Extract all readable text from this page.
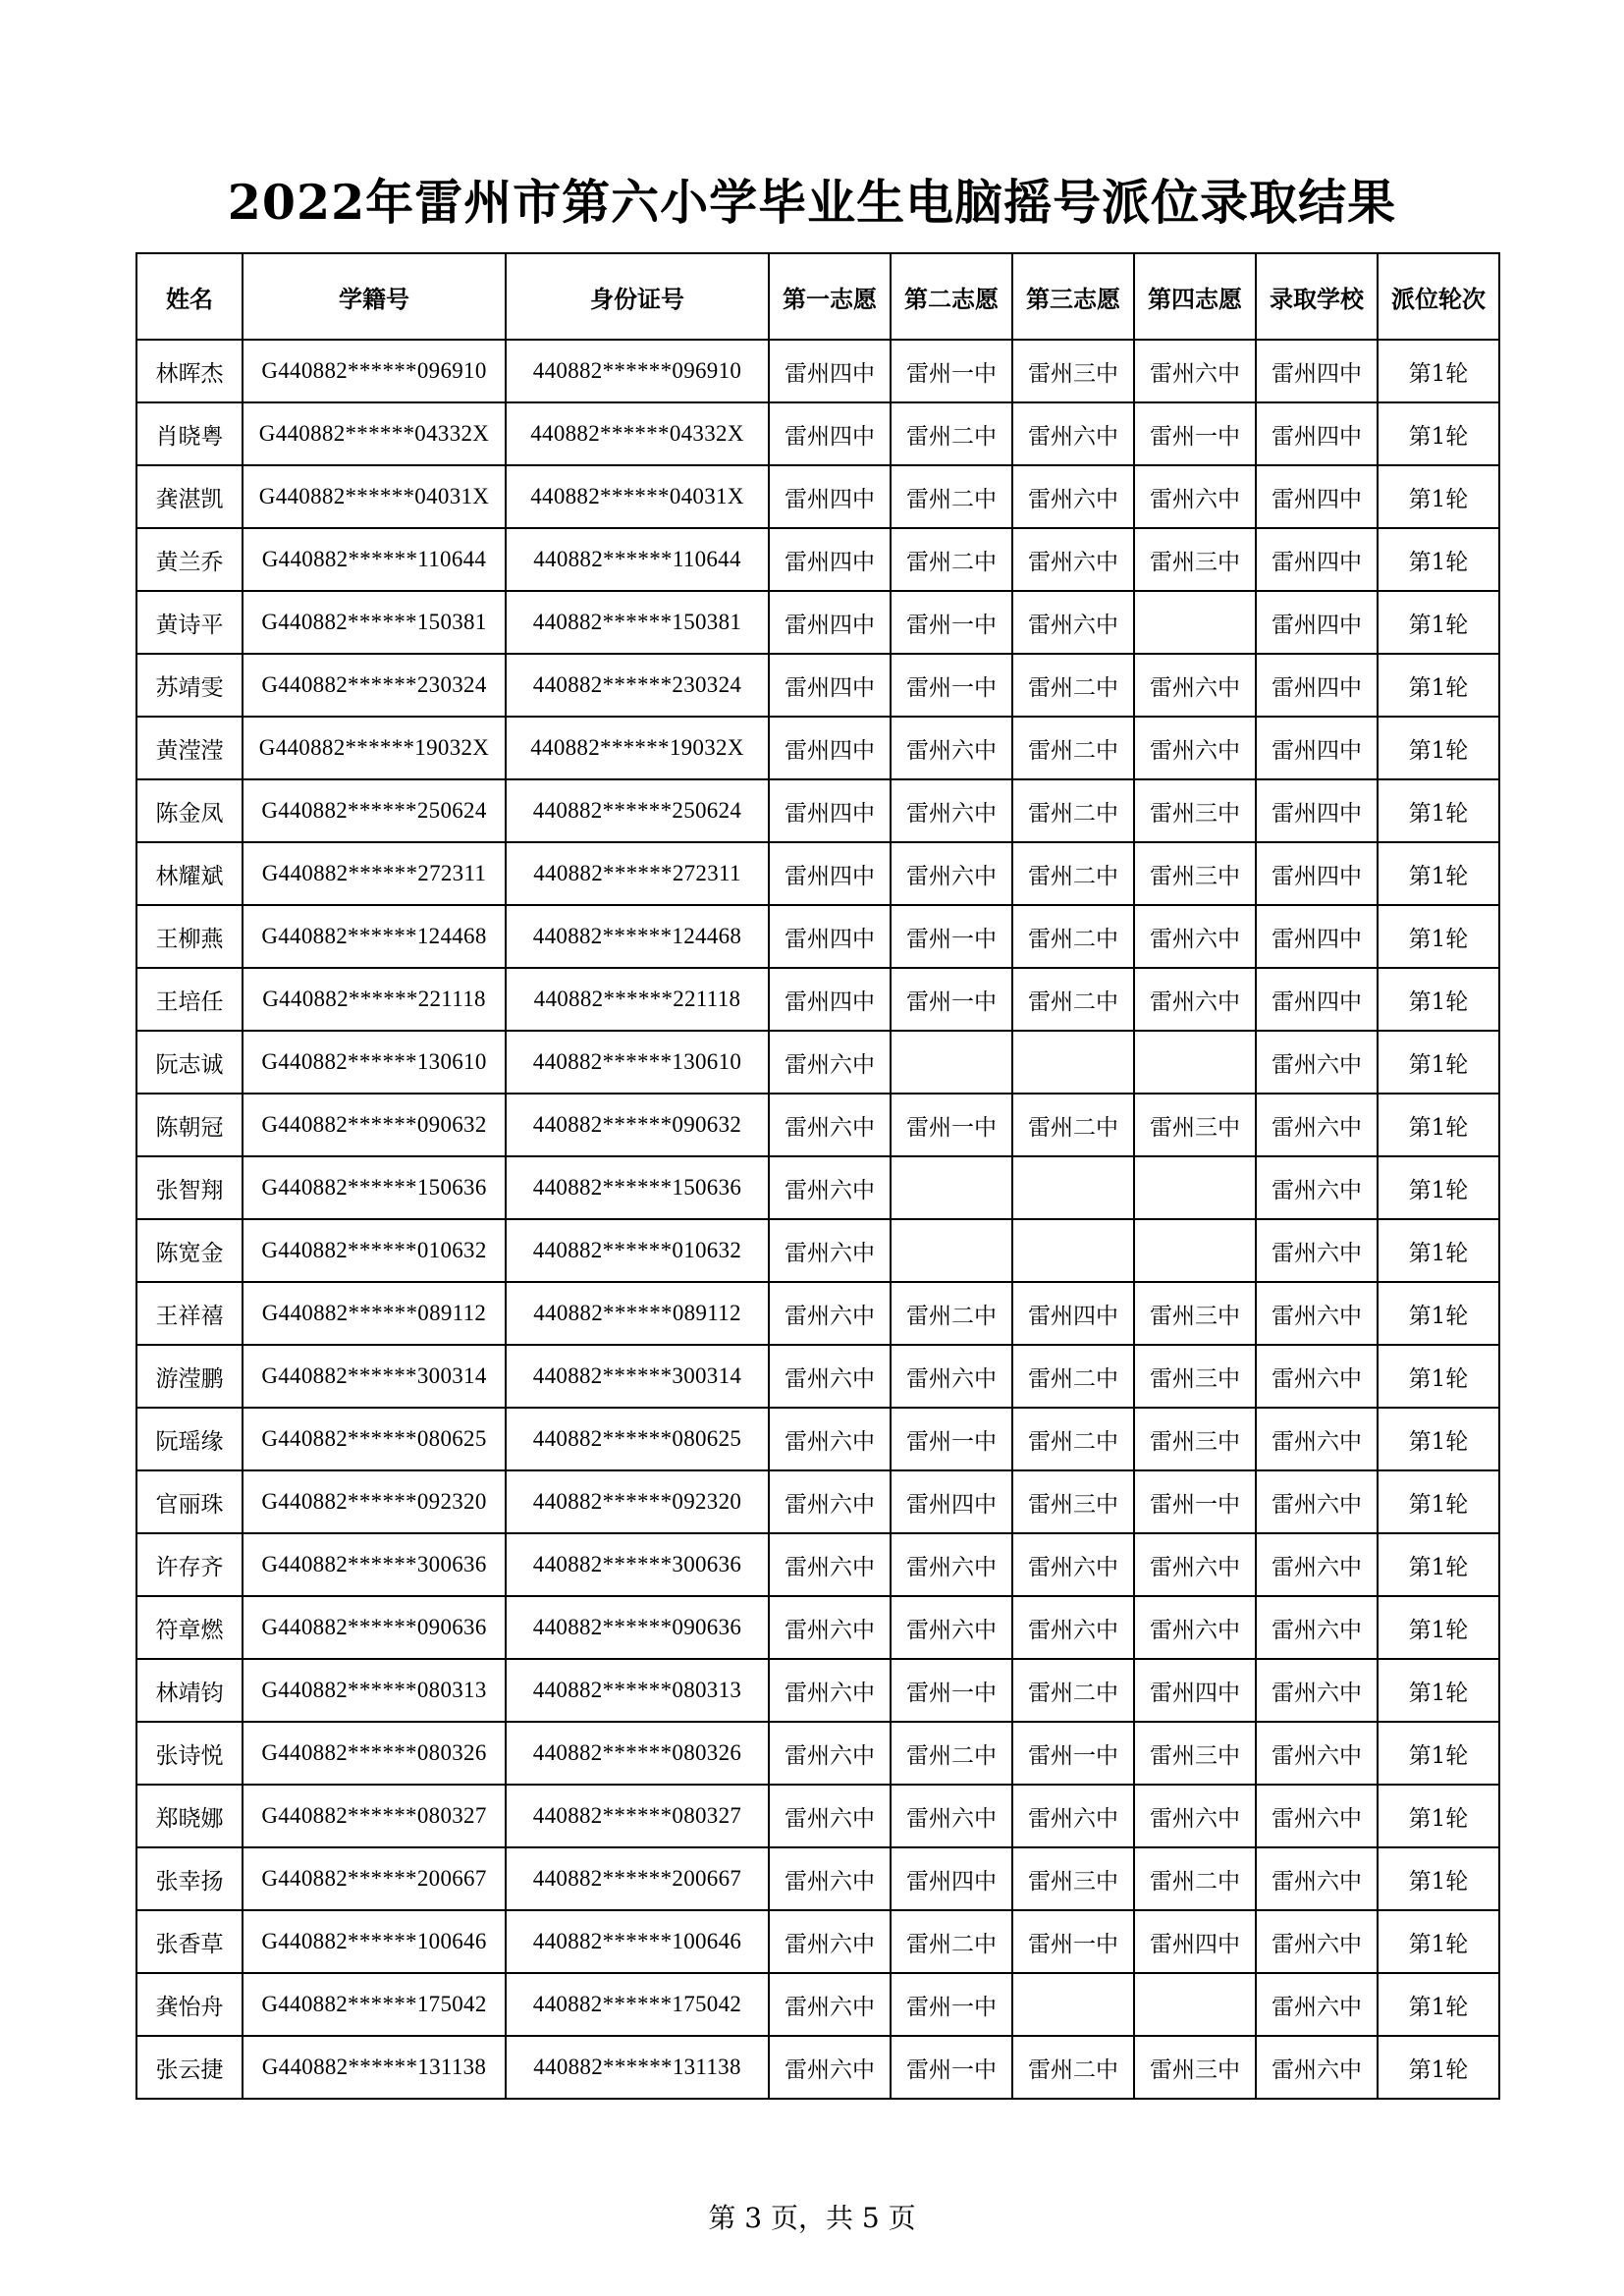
2022年雷州市第六小学毕业生电脑摇号派位录取结果
姓名	学籍号	身份证号	第一志愿	第二志愿	第三志愿	第四志愿	录取学校	派位轮次
林晖杰	G440882******096910	440882******096910	雷州四中	雷州一中	雷州三中	雷州六中	雷州四中	第1轮
肖晓粤	G440882******04332X	440882******04332X	雷州四中	雷州二中	雷州六中	雷州一中	雷州四中	第1轮
龚湛凯	G440882******04031X	440882******04031X	雷州四中	雷州二中	雷州六中	雷州六中	雷州四中	第1轮
黄兰乔	G440882******110644	440882******110644	雷州四中	雷州二中	雷州六中	雷州三中	雷州四中	第1轮
黄诗平	G440882******150381	440882******150381	雷州四中	雷州一中	雷州六中		雷州四中	第1轮
苏靖雯	G440882******230324	440882******230324	雷州四中	雷州一中	雷州二中	雷州六中	雷州四中	第1轮
黄滢滢	G440882******19032X	440882******19032X	雷州四中	雷州六中	雷州二中	雷州六中	雷州四中	第1轮
陈金凤	G440882******250624	440882******250624	雷州四中	雷州六中	雷州二中	雷州三中	雷州四中	第1轮
林耀斌	G440882******272311	440882******272311	雷州四中	雷州六中	雷州二中	雷州三中	雷州四中	第1轮
王柳燕	G440882******124468	440882******124468	雷州四中	雷州一中	雷州二中	雷州六中	雷州四中	第1轮
王培任	G440882******221118	440882******221118	雷州四中	雷州一中	雷州二中	雷州六中	雷州四中	第1轮
阮志诚	G440882******130610	440882******130610	雷州六中				雷州六中	第1轮
陈朝冠	G440882******090632	440882******090632	雷州六中	雷州一中	雷州二中	雷州三中	雷州六中	第1轮
张智翔	G440882******150636	440882******150636	雷州六中				雷州六中	第1轮
陈宽金	G440882******010632	440882******010632	雷州六中				雷州六中	第1轮
王祥禧	G440882******089112	440882******089112	雷州六中	雷州二中	雷州四中	雷州三中	雷州六中	第1轮
游滢鹏	G440882******300314	440882******300314	雷州六中	雷州六中	雷州二中	雷州三中	雷州六中	第1轮
阮瑶缘	G440882******080625	440882******080625	雷州六中	雷州一中	雷州二中	雷州三中	雷州六中	第1轮
官丽珠	G440882******092320	440882******092320	雷州六中	雷州四中	雷州三中	雷州一中	雷州六中	第1轮
许存齐	G440882******300636	440882******300636	雷州六中	雷州六中	雷州六中	雷州六中	雷州六中	第1轮
符章燃	G440882******090636	440882******090636	雷州六中	雷州六中	雷州六中	雷州六中	雷州六中	第1轮
林靖钧	G440882******080313	440882******080313	雷州六中	雷州一中	雷州二中	雷州四中	雷州六中	第1轮
张诗悦	G440882******080326	440882******080326	雷州六中	雷州二中	雷州一中	雷州三中	雷州六中	第1轮
郑晓娜	G440882******080327	440882******080327	雷州六中	雷州六中	雷州六中	雷州六中	雷州六中	第1轮
张幸扬	G440882******200667	440882******200667	雷州六中	雷州四中	雷州三中	雷州二中	雷州六中	第1轮
张香草	G440882******100646	440882******100646	雷州六中	雷州二中	雷州一中	雷州四中	雷州六中	第1轮
龚怡舟	G440882******175042	440882******175042	雷州六中	雷州一中			雷州六中	第1轮
张云捷	G440882******131138	440882******131138	雷州六中	雷州一中	雷州二中	雷州三中	雷州六中	第1轮
第 3 页，共 5 页
